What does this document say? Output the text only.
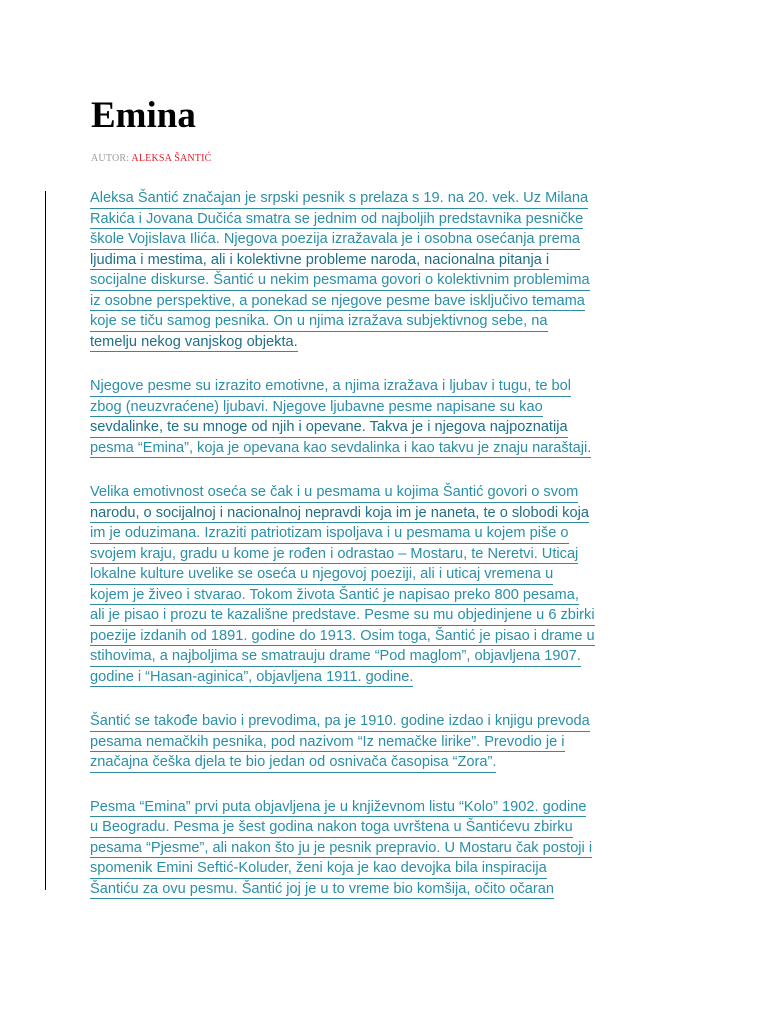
Emina
AUTOR: ALEKSA ŠANTIĆ

Aleksa Šantić značajan je srpski pesnik s prelaza s 19. na 20. vek. Uz Milana
Rakića i Jovana Dučića smatra se jednim od najboljih predstavnika pesničke
škole Vojislava Ilića. Njegova poezija izražavala je i osobna osećanja prema
ljudima i mestima, ali i kolektivne probleme naroda, nacionalna pitanja i
socijalne diskurse. Šantić u nekim pesmama govori o kolektivnim problemima
iz osobne perspektive, a ponekad se njegove pesme bave isključivo temama
koje se tiču samog pesnika. On u njima izražava subjektivnog sebe, na
temelju nekog vanjskog objekta.

Njegove pesme su izrazito emotivne, a njima izražava i ljubav i tugu, te bol
zbog (neuzvraćene) ljubavi. Njegove ljubavne pesme napisane su kao
sevdalinke, te su mnoge od njih i opevane. Takva je i njegova najpoznatija
pesma “Emina”, koja je opevana kao sevdalinka i kao takvu je znaju naraštaji.

Velika emotivnost oseća se čak i u pesmama u kojima Šantić govori o svom
narodu, o socijalnoj i nacionalnoj nepravdi koja im je naneta, te o slobodi koja
im je oduzimana. Izraziti patriotizam ispoljava i u pesmama u kojem piše o
svojem kraju, gradu u kome je rođen i odrastao – Mostaru, te Neretvi. Uticaj
lokalne kulture uvelike se oseća u njegovoj poeziji, ali i uticaj vremena u
kojem je živeo i stvarao. Tokom života Šantić je napisao preko 800 pesama,
ali je pisao i prozu te kazališne predstave. Pesme su mu objedinjene u 6 zbirki
poezije izdanih od 1891. godine do 1913. Osim toga, Šantić je pisao i drame u
stihovima, a najboljima se smatrauju drame “Pod maglom”, objavljena 1907.
godine i “Hasan-aginica”, objavljena 1911. godine.

Šantić se takođe bavio i prevodima, pa je 1910. godine izdao i knjigu prevoda
pesama nemačkih pesnika, pod nazivom “Iz nemačke lirike”. Prevodio je i
značajna češka djela te bio jedan od osnivača časopisa “Zora”.

Pesma “Emina” prvi puta objavljena je u književnom listu “Kolo” 1902. godine
u Beogradu. Pesma je šest godina nakon toga uvrštena u Šantićevu zbirku
pesama “Pjesme”, ali nakon što ju je pesnik prepravio. U Mostaru čak postoji i
spomenik Emini Seftić-Koluder, ženi koja je kao devojka bila inspiracija
Šantiću za ovu pesmu. Šantić joj je u to vreme bio komšija, očito očaran
